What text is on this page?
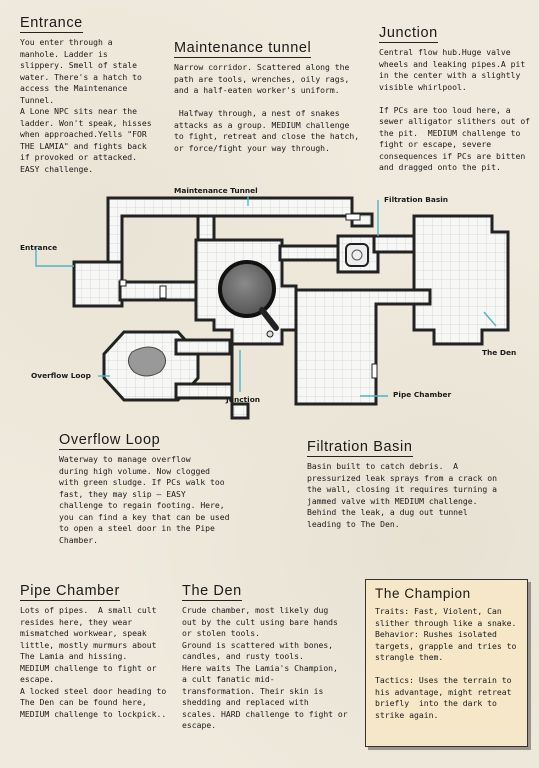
Entrance

You enter through a
manhole. Ladder is
slippery. Smell of stale
water. There's a hatch to
access the Maintenance
Tunnel.
A Lone NPC sits near the
ladder. Won't speak, hisses
when approached.Yells "FOR
THE LAMIA" and fights back
if provoked or attacked.
EASY challenge.

Maintenance tunnel

Narrow corridor. Scattered along the
path are tools, wrenches, oily rags,
and a half-eaten worker's uniform.

Halfway through, a nest of snakes
attacks as a group. MEDIUM challenge
to fight, retreat and close the hatch,
or force/fight your way through.

Junction

Central flow hub.Huge valve
wheels and leaking pipes.A pit
in the center with a slightly
visible whirlpool.

If PCs are too loud here, a
sewer alligator slithers out of
the pit.  MEDIUM challenge to
fight or escape, severe
consequences if PCs are bitten
and dragged onto the pit.

Maintenance Tunnel
Filtration Basin
Entrance
The Den
Overflow Loop
Pipe Chamber
Junction
Overflow Loop

Waterway to manage overflow
during high volume. Now clogged
with green sludge. If PCs walk too
fast, they may slip — EASY
challenge to regain footing. Here,
you can find a key that can be used
to open a steel door in the Pipe
Chamber.

Filtration Basin

Basin built to catch debris.  A
pressurized leak sprays from a crack on
the wall, closing it requires turning a
jammed valve with MEDIUM challenge.
Behind the leak, a dug out tunnel
leading to The Den.

Pipe Chamber

Lots of pipes.  A small cult
resides here, they wear
mismatched workwear, speak
little, mostly murmurs about
The Lamia and hissing.
MEDIUM challenge to fight or
escape.
A locked steel door heading to
The Den can be found here,
MEDIUM challenge to lockpick..

The Den

Crude chamber, most likely dug
out by the cult using bare hands
or stolen tools.
Ground is scattered with bones,
candles, and rusty tools.
Here waits The Lamia's Champion,
a cult fanatic mid-
transformation. Their skin is
shedding and replaced with
scales. HARD challenge to fight or
escape.

The Champion

Traits: Fast, Violent, Can
slither through like a snake.
Behavior: Rushes isolated
targets, grapple and tries to
strangle them.

Tactics: Uses the terrain to
his advantage, might retreat
briefly  into the dark to
strike again.
